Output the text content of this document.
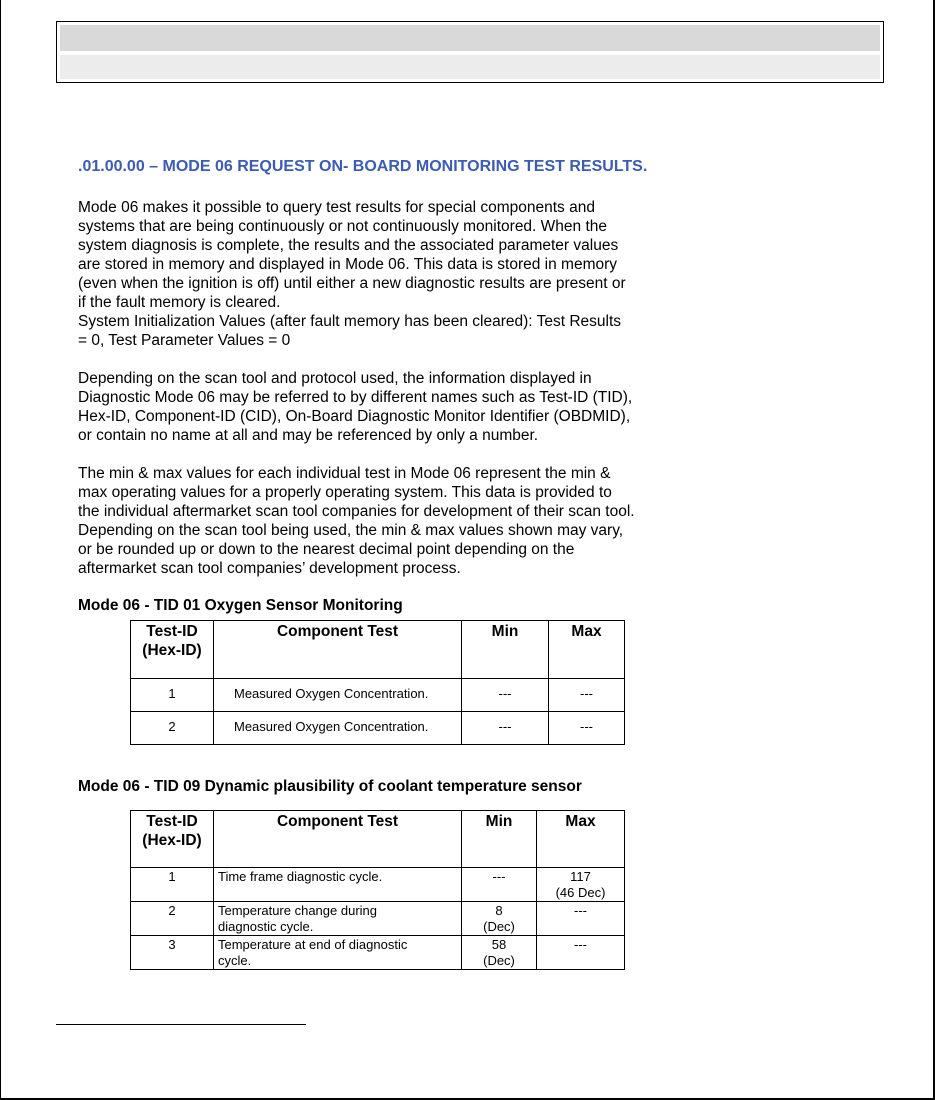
.01.00.00 – MODE 06 REQUEST ON- BOARD MONITORING TEST RESULTS.

Mode 06 makes it possible to query test results for special components and
systems that are being continuously or not continuously monitored. When the
system diagnosis is complete, the results and the associated parameter values
are stored in memory and displayed in Mode 06. This data is stored in memory
(even when the ignition is off) until either a new diagnostic results are present or
if the fault memory is cleared.
System Initialization Values (after fault memory has been cleared): Test Results
= 0, Test Parameter Values = 0

Depending on the scan tool and protocol used, the information displayed in
Diagnostic Mode 06 may be referred to by different names such as Test-ID (TID),
Hex-ID, Component-ID (CID), On-Board Diagnostic Monitor Identifier (OBDMID),
or contain no name at all and may be referenced by only a number.

The min & max values for each individual test in Mode 06 represent the min &
max operating values for a properly operating system. This data is provided to
the individual aftermarket scan tool companies for development of their scan tool.
Depending on the scan tool being used, the min & max values shown may vary,
or be rounded up or down to the nearest decimal point depending on the
aftermarket scan tool companies’ development process.

Mode 06 - TID 01 Oxygen Sensor Monitoring
Test-ID
(Hex-ID)	Component Test	Min	Max
1	Measured Oxygen Concentration.	---	---
2	Measured Oxygen Concentration.	---	---
Mode 06 - TID 09 Dynamic plausibility of coolant temperature sensor
Test-ID
(Hex-ID)	Component Test	Min	Max
1	Time frame diagnostic cycle.	---	117
(46 Dec)
2	Temperature change during
diagnostic cycle.	8
(Dec)	---
3	Temperature at end of diagnostic
cycle.	58
(Dec)	---
